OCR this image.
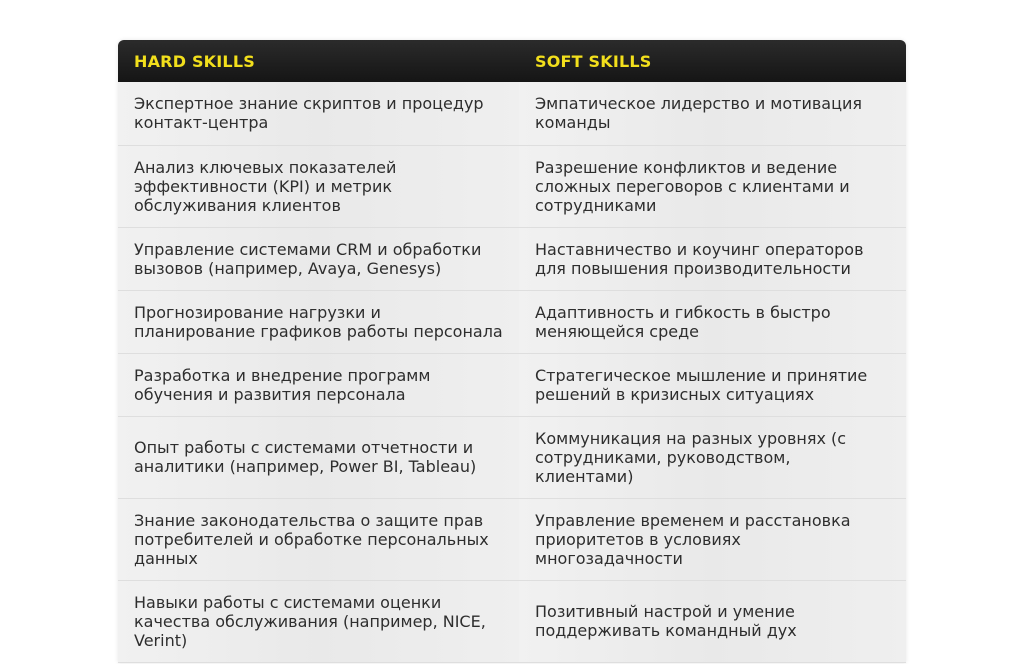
HARD SKILLS	SOFT SKILLS
Экспертное знание скриптов и процедур контакт-центра	Эмпатическое лидерство и мотивация команды
Анализ ключевых показателей эффективности (KPI) и метрик обслуживания клиентов	Разрешение конфликтов и ведение сложных переговоров с клиентами и сотрудниками
Управление системами CRM и обработки вызовов (например, Avaya, Genesys)	Наставничество и коучинг операторов для повышения производительности
Прогнозирование нагрузки и планирование графиков работы персонала	Адаптивность и гибкость в быстро меняющейся среде
Разработка и внедрение программ обучения и развития персонала	Стратегическое мышление и принятие решений в кризисных ситуациях
Опыт работы с системами отчетности и аналитики (например, Power BI, Tableau)	Коммуникация на разных уровнях (с сотрудниками, руководством, клиентами)
Знание законодательства о защите прав потребителей и обработке персональных данных	Управление временем и расстановка приоритетов в условиях многозадачности
Навыки работы с системами оценки качества обслуживания (например, NICE, Verint)	Позитивный настрой и умение поддерживать командный дух
